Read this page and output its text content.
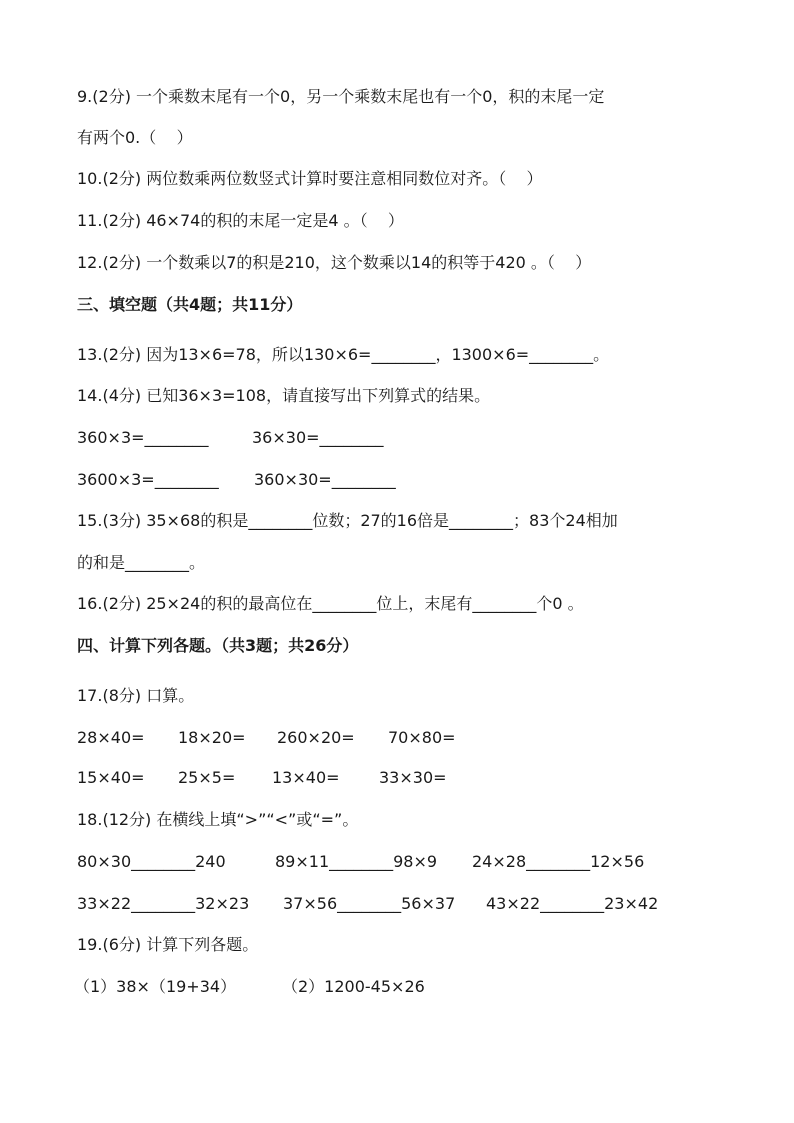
9.(2分) 一个乘数末尾有一个0，另一个乘数末尾也有一个0，积的末尾一定
有两个0.（    ）
10.(2分) 两位数乘两位数竖式计算时要注意相同数位对齐。（    ）
11.(2分) 46×74的积的末尾一定是4 。（    ）
12.(2分) 一个数乘以7的积是210，这个数乘以14的积等于420 。（    ）
三、填空题（共4题；共11分）
13.(2分) 因为13×6=78，所以130×6=________，1300×6=________。
14.(4分) 已知36×3=108，请直接写出下列算式的结果。
360×3=________	36×30=________
3600×3=________ 360×30=________
15.(3分) 35×68的积是________位数；27的16倍是________；83个24相加
的和是________。
16.(2分) 25×24的积的最高位在________位上，末尾有________个0 。
四、计算下列各题。（共3题；共26分）
17.(8分) 口算。
28×40= 18×20= 260×20= 70×80=
15×40= 25×5= 13×40= 33×30=
18.(12分) 在横线上填“>”“<”或“=”。
80×30________240	89×11________98×9 24×28________12×56
33×22________32×23 37×56________56×37 43×22________23×42
19.(6分) 计算下列各题。
（1）38×（19+34）	（2）1200-45×26
